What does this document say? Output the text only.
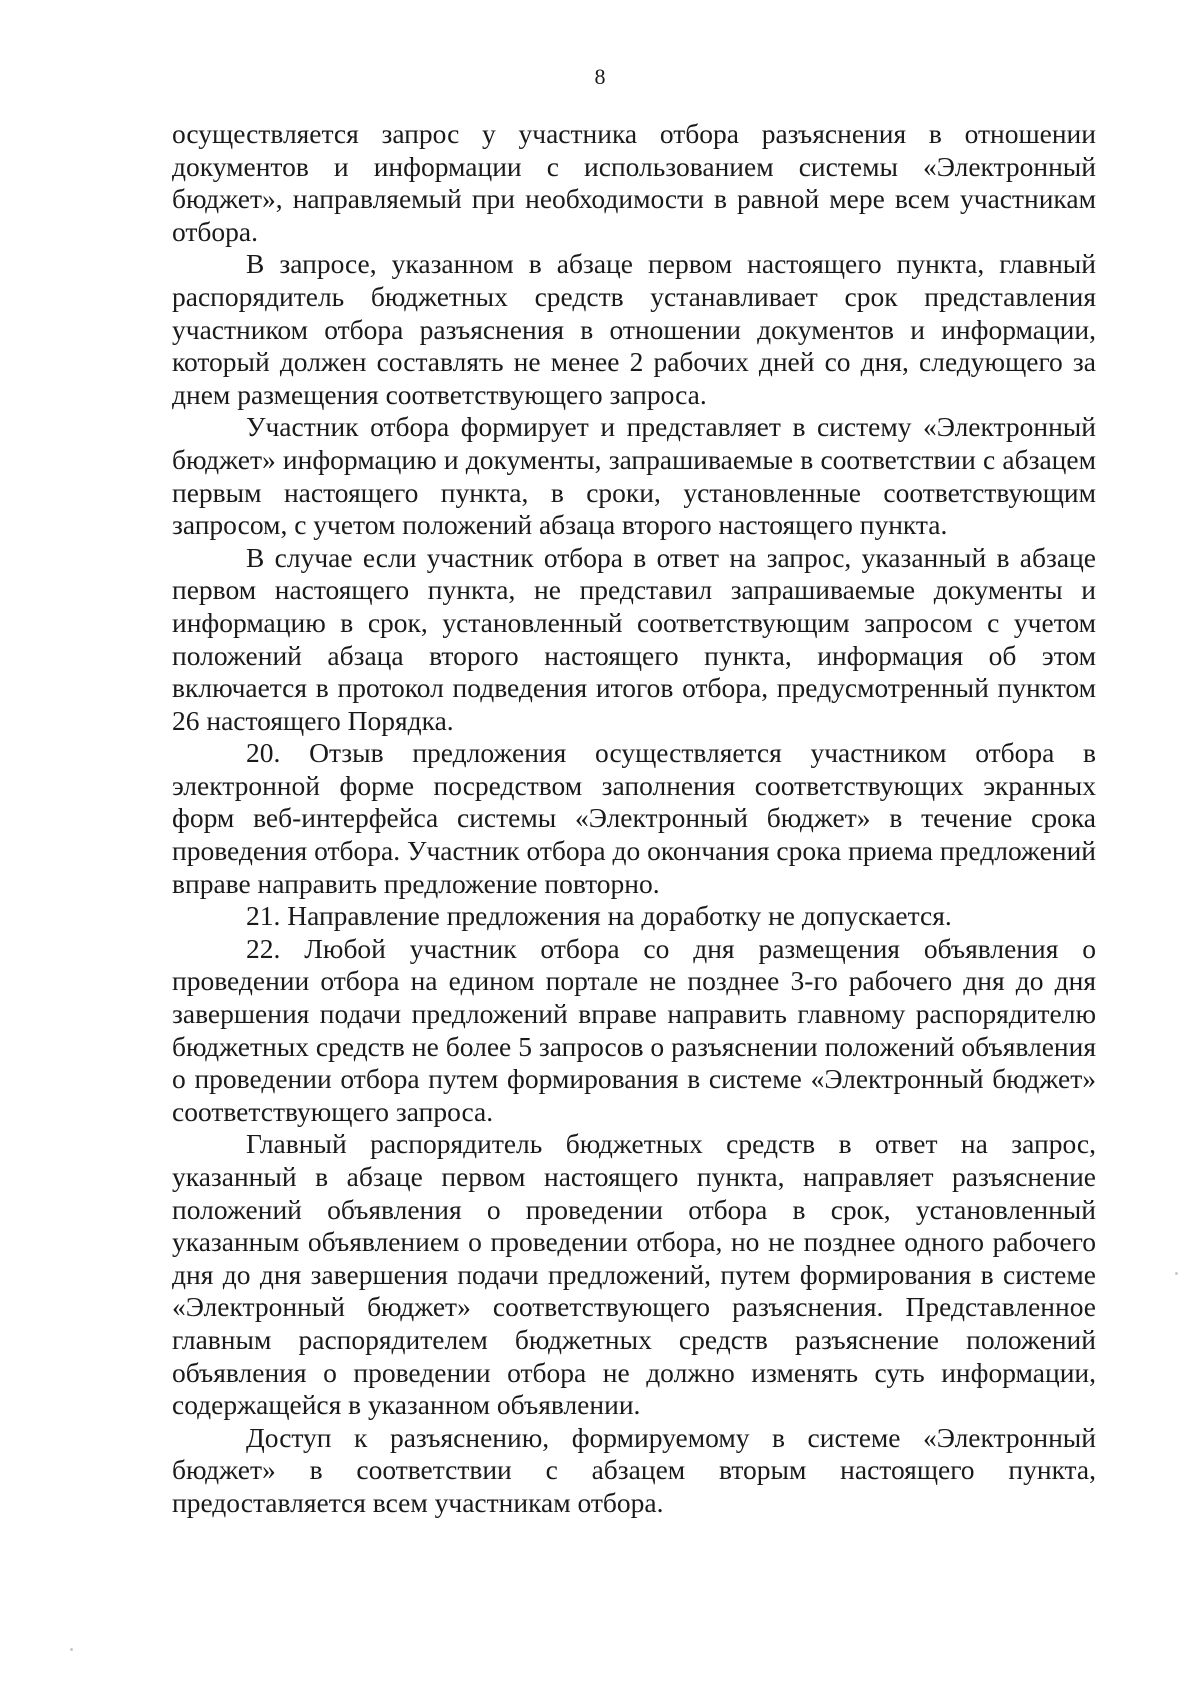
8

осуществляется запрос у участника отбора разъяснения в отношении документов и информации с использованием системы «Электронный бюджет», направляемый при необходимости в равной мере всем участникам отбора.

В запросе, указанном в абзаце первом настоящего пункта, главный распорядитель бюджетных средств устанавливает срок представления участником отбора разъяснения в отношении документов и информации, который должен составлять не менее 2 рабочих дней со дня, следующего за днем размещения соответствующего запроса.

Участник отбора формирует и представляет в систему «Электронный бюджет» информацию и документы, запрашиваемые в соответствии с абзацем первым настоящего пункта, в сроки, установленные соответствующим запросом, с учетом положений абзаца второго настоящего пункта.

В случае если участник отбора в ответ на запрос, указанный в абзаце первом настоящего пункта, не представил запрашиваемые документы и информацию в срок, установленный соответствующим запросом с учетом положений абзаца второго настоящего пункта, информация об этом включается в протокол подведения итогов отбора, предусмотренный пунктом 26 настоящего Порядка.

20. Отзыв предложения осуществляется участником отбора в электронной форме посредством заполнения соответствующих экранных форм веб-интерфейса системы «Электронный бюджет» в течение срока проведения отбора. Участник отбора до окончания срока приема предложений вправе направить предложение повторно.

21. Направление предложения на доработку не допускается.

22. Любой участник отбора со дня размещения объявления о проведении отбора на едином портале не позднее 3-го рабочего дня до дня завершения подачи предложений вправе направить главному распорядителю бюджетных средств не более 5 запросов о разъяснении положений объявления о проведении отбора путем формирования в системе «Электронный бюджет» соответствующего запроса.

Главный распорядитель бюджетных средств в ответ на запрос, указанный в абзаце первом настоящего пункта, направляет разъяснение положений объявления о проведении отбора в срок, установленный указанным объявлением о проведении отбора, но не позднее одного рабочего дня до дня завершения подачи предложений, путем формирования в системе «Электронный бюджет» соответствующего разъяснения. Представленное главным распорядителем бюджетных средств разъяснение положений объявления о проведении отбора не должно изменять суть информации, содержащейся в указанном объявлении.

Доступ к разъяснению, формируемому в системе «Электронный бюджет» в соответствии с абзацем вторым настоящего пункта, предоставляется всем участникам отбора.
